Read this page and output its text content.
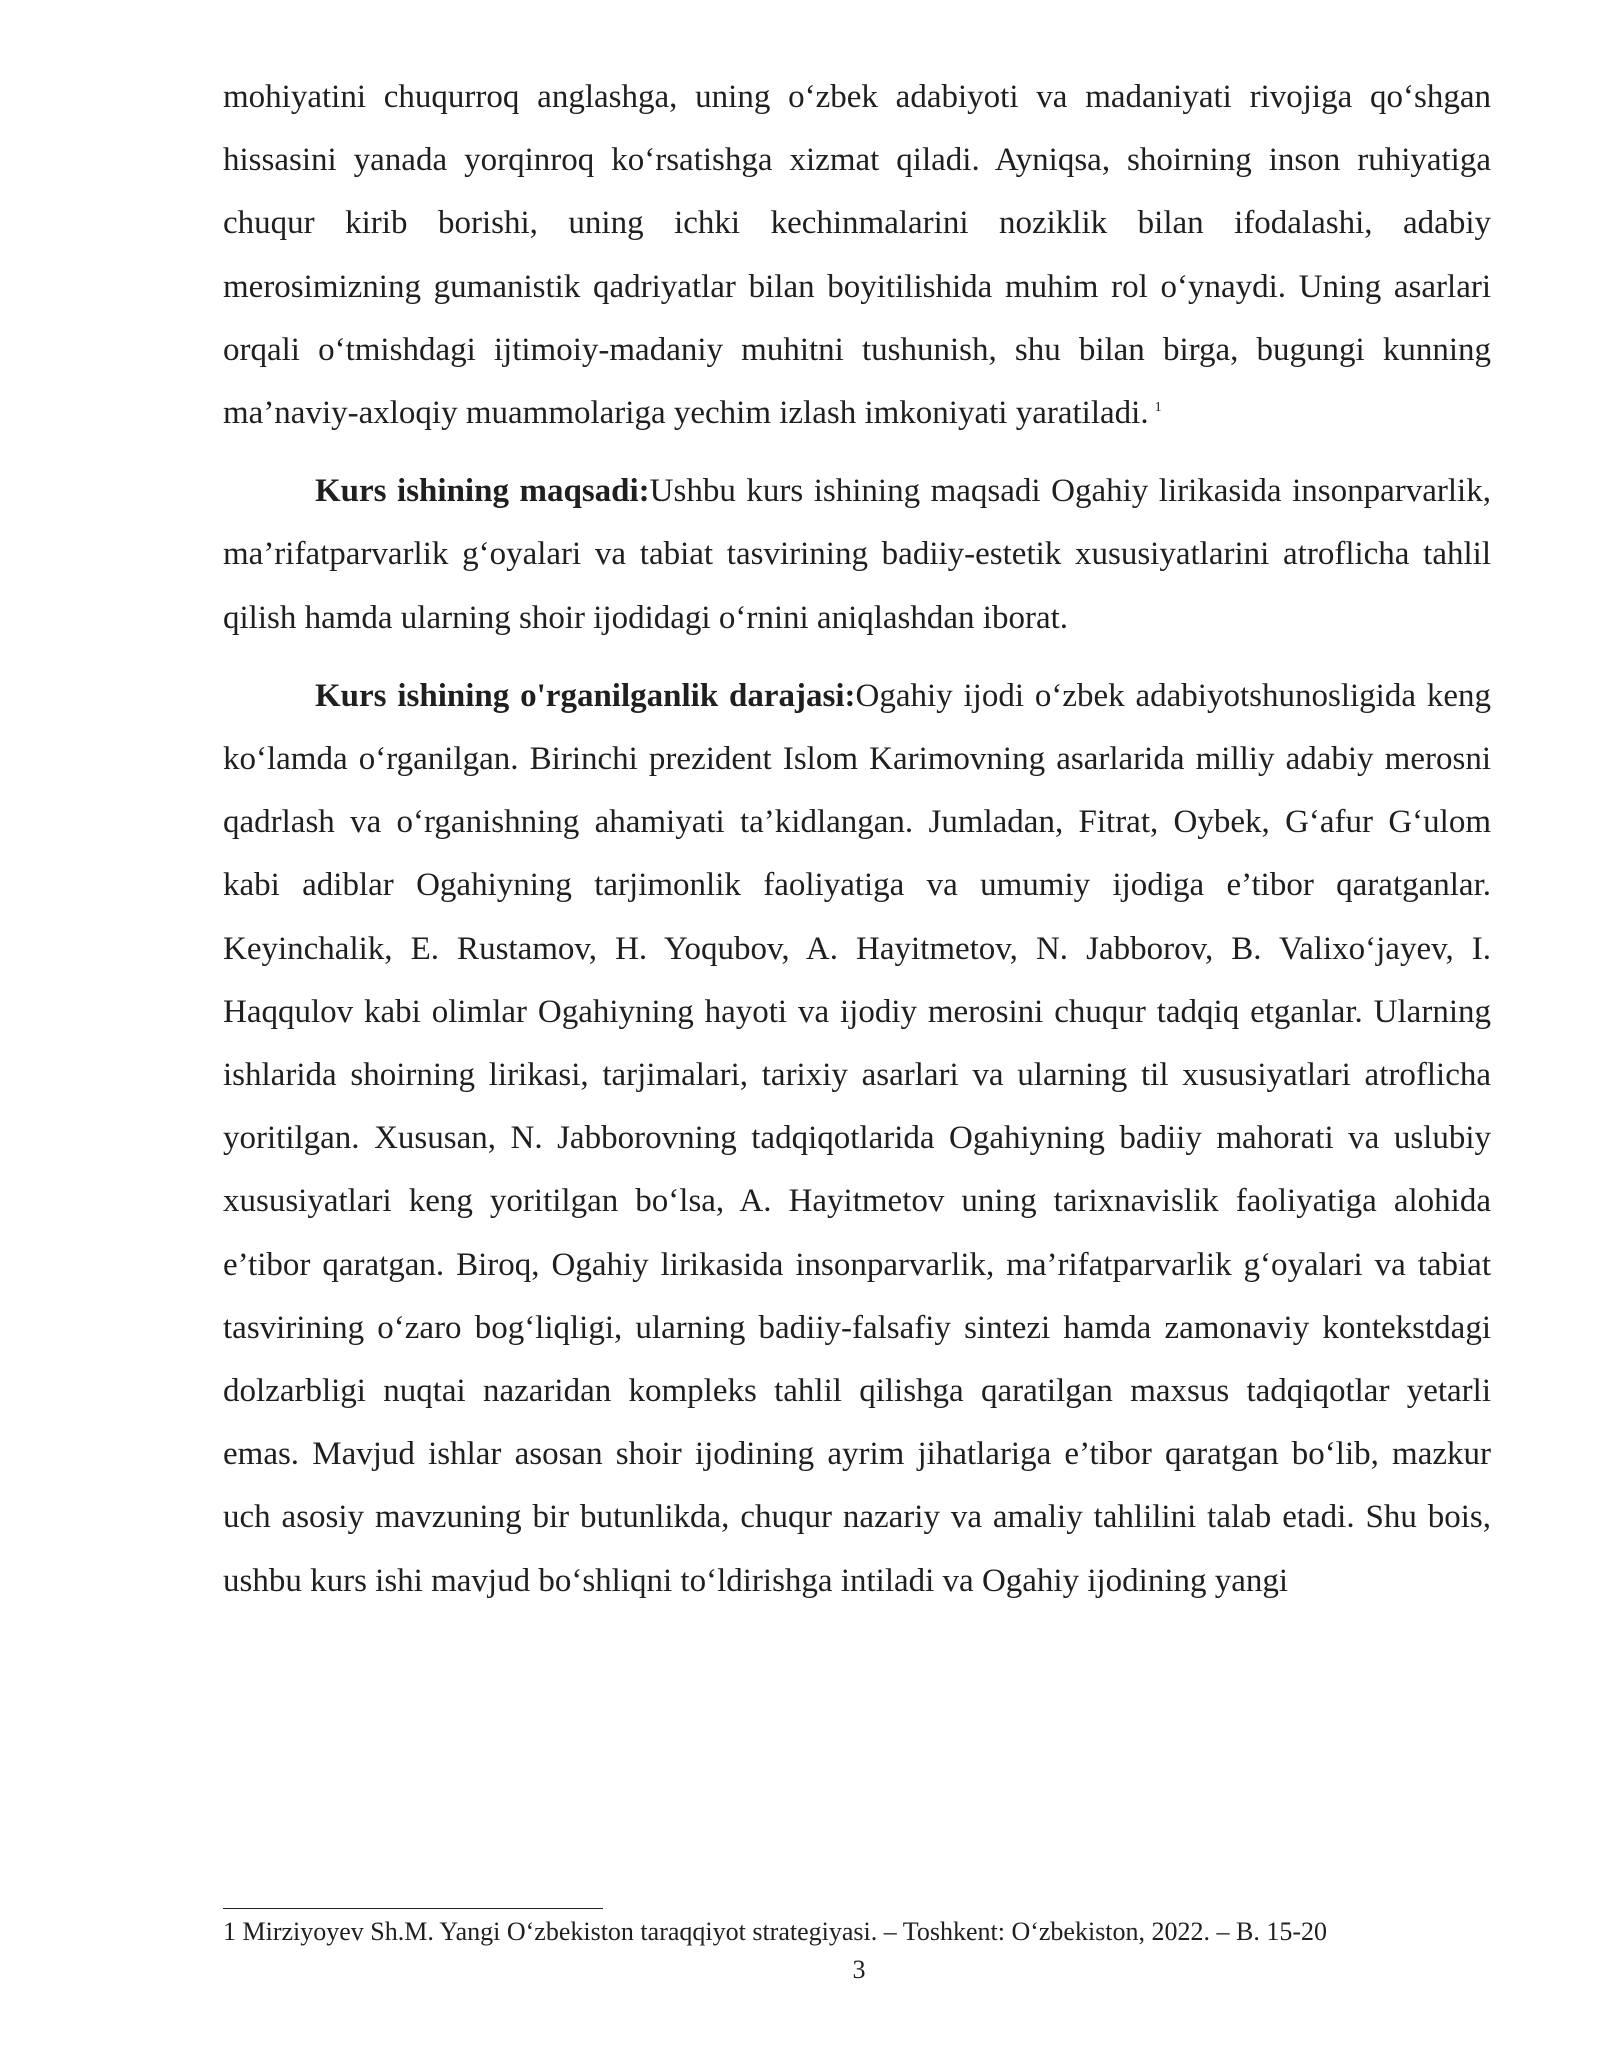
mohiyatini chuqurroq anglashga, uning o‘zbek adabiyoti va madaniyati rivojiga qo‘shgan hissasini yanada yorqinroq ko‘rsatishga xizmat qiladi. Ayniqsa, shoirning inson ruhiyatiga chuqur kirib borishi, uning ichki kechinmalarini noziklik bilan ifodalashi, adabiy merosimizning gumanistik qadriyatlar bilan boyitilishida muhim rol o‘ynaydi. Uning asarlari orqali o‘tmishdagi ijtimoiy-madaniy muhitni tushunish, shu bilan birga, bugungi kunning ma’naviy-axloqiy muammolariga yechim izlash imkoniyati yaratiladi. $^1$

Kurs ishining maqsadi:Ushbu kurs ishining maqsadi Ogahiy lirikasida insonparvarlik, ma’rifatparvarlik g‘oyalari va tabiat tasvirining badiiy-estetik xususiyatlarini atroflicha tahlil qilish hamda ularning shoir ijodidagi o‘rnini aniqlashdan iborat.

Kurs ishining o'rganilganlik darajasi:Ogahiy ijodi o‘zbek adabiyotshunosligida keng ko‘lamda o‘rganilgan. Birinchi prezident Islom Karimovning asarlarida milliy adabiy merosni qadrlash va o‘rganishning ahamiyati ta’kidlangan. Jumladan, Fitrat, Oybek, G‘afur G‘ulom kabi adiblar Ogahiyning tarjimonlik faoliyatiga va umumiy ijodiga e’tibor qaratganlar. Keyinchalik, E. Rustamov, H. Yoqubov, A. Hayitmetov, N. Jabborov, B. Valixo‘jayev, I. Haqqulov kabi olimlar Ogahiyning hayoti va ijodiy merosini chuqur tadqiq etganlar. Ularning ishlarida shoirning lirikasi, tarjimalari, tarixiy asarlari va ularning til xususiyatlari atroflicha yoritilgan. Xususan, N. Jabborovning tadqiqotlarida Ogahiyning badiiy mahorati va uslubiy xususiyatlari keng yoritilgan bo‘lsa, A. Hayitmetov uning tarixnavislik faoliyatiga alohida e’tibor qaratgan. Biroq, Ogahiy lirikasida insonparvarlik, ma’rifatparvarlik g‘oyalari va tabiat tasvirining o‘zaro bog‘liqligi, ularning badiiy-falsafiy sintezi hamda zamonaviy kontekstdagi dolzarbligi nuqtai nazaridan kompleks tahlil qilishga qaratilgan maxsus tadqiqotlar yetarli emas. Mavjud ishlar asosan shoir ijodining ayrim jihatlariga e’tibor qaratgan bo‘lib, mazkur uch asosiy mavzuning bir butunlikda, chuqur nazariy va amaliy tahlilini talab etadi. Shu bois, ushbu kurs ishi mavjud bo‘shliqni to‘ldirishga intiladi va Ogahiy ijodining yangi

1 Mirziyoyev Sh.M. Yangi O‘zbekiston taraqqiyot strategiyasi. – Toshkent: O‘zbekiston, 2022. – B. 15-20
3
